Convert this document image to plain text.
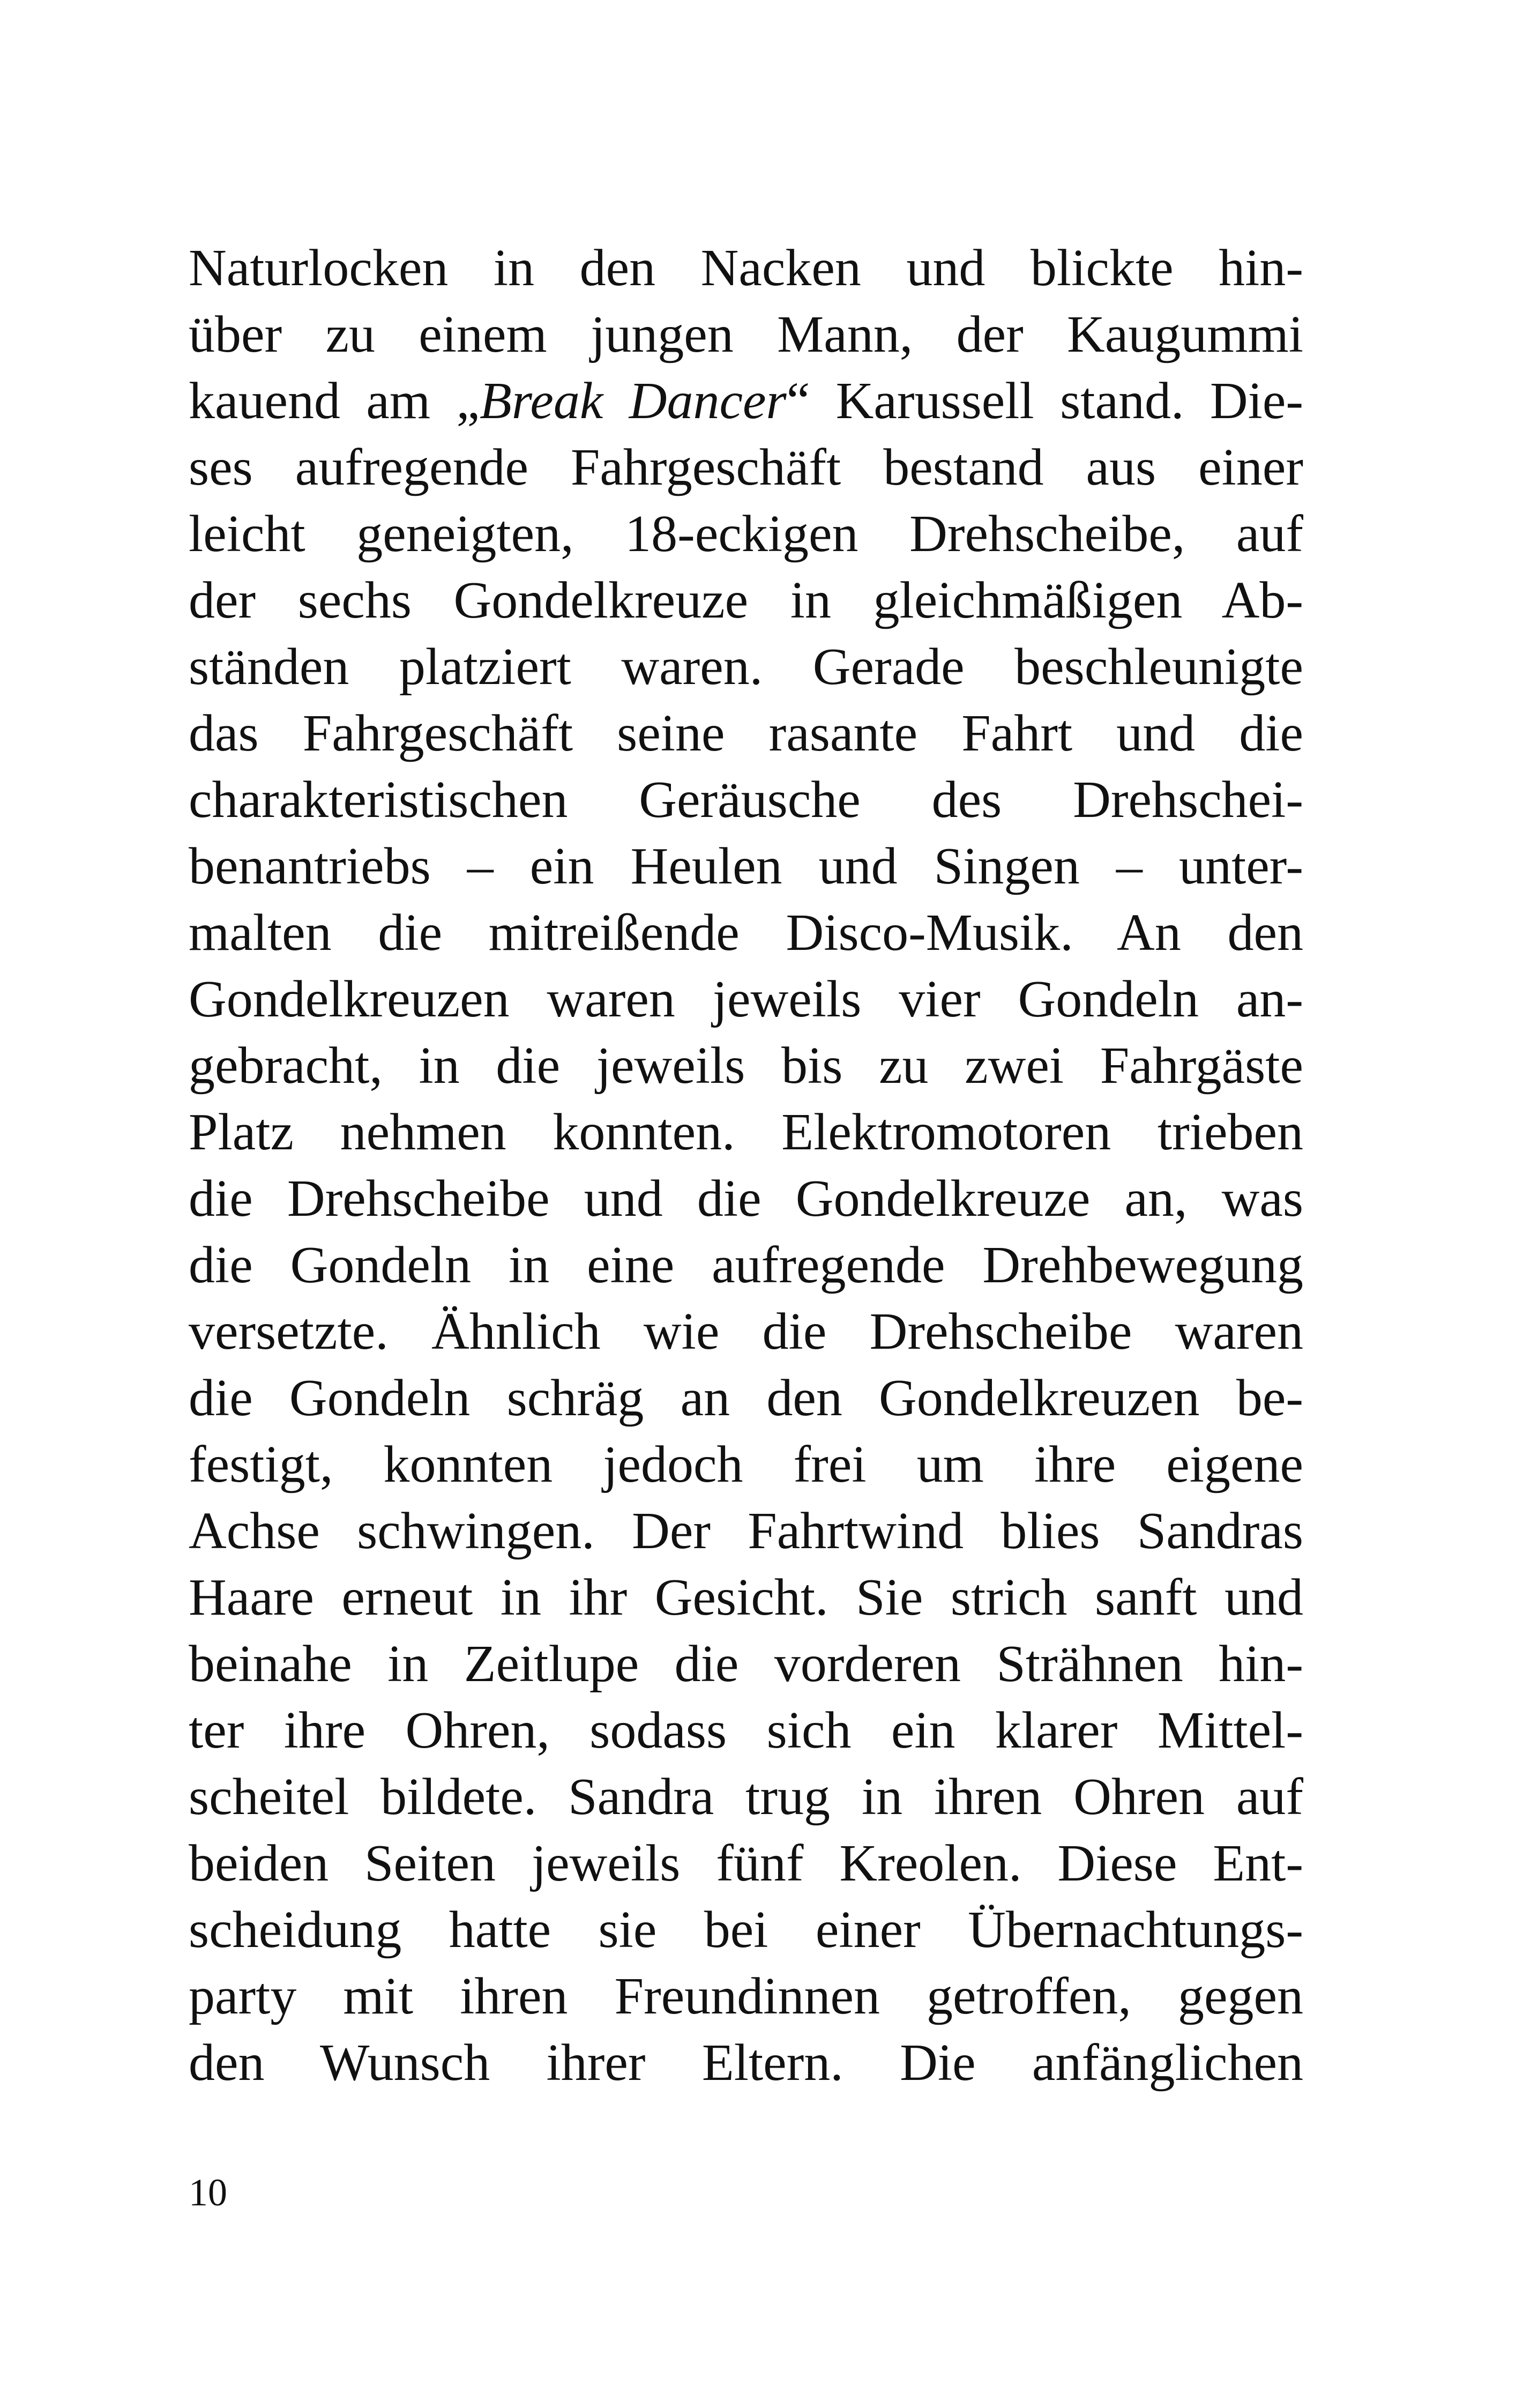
Naturlocken in den Nacken und blickte hin-
über zu einem jungen Mann, der Kaugummi
kauend am „Break Dancer“ Karussell stand. Die-
ses aufregende Fahrgeschäft bestand aus einer
leicht geneigten, 18-eckigen Drehscheibe, auf
der sechs Gondelkreuze in gleichmäßigen Ab-
ständen platziert waren. Gerade beschleunigte
das Fahrgeschäft seine rasante Fahrt und die
charakteristischen Geräusche des Drehschei-
benantriebs – ein Heulen und Singen – unter-
malten die mitreißende Disco-Musik. An den
Gondelkreuzen waren jeweils vier Gondeln an-
gebracht, in die jeweils bis zu zwei Fahrgäste
Platz nehmen konnten. Elektromotoren trieben
die Drehscheibe und die Gondelkreuze an, was
die Gondeln in eine aufregende Drehbewegung
versetzte. Ähnlich wie die Drehscheibe waren
die Gondeln schräg an den Gondelkreuzen be-
festigt, konnten jedoch frei um ihre eigene
Achse schwingen. Der Fahrtwind blies Sandras
Haare erneut in ihr Gesicht. Sie strich sanft und
beinahe in Zeitlupe die vorderen Strähnen hin-
ter ihre Ohren, sodass sich ein klarer Mittel-
scheitel bildete. Sandra trug in ihren Ohren auf
beiden Seiten jeweils fünf Kreolen. Diese Ent-
scheidung hatte sie bei einer Übernachtungs-
party mit ihren Freundinnen getroffen, gegen
den Wunsch ihrer Eltern. Die anfänglichen
10
